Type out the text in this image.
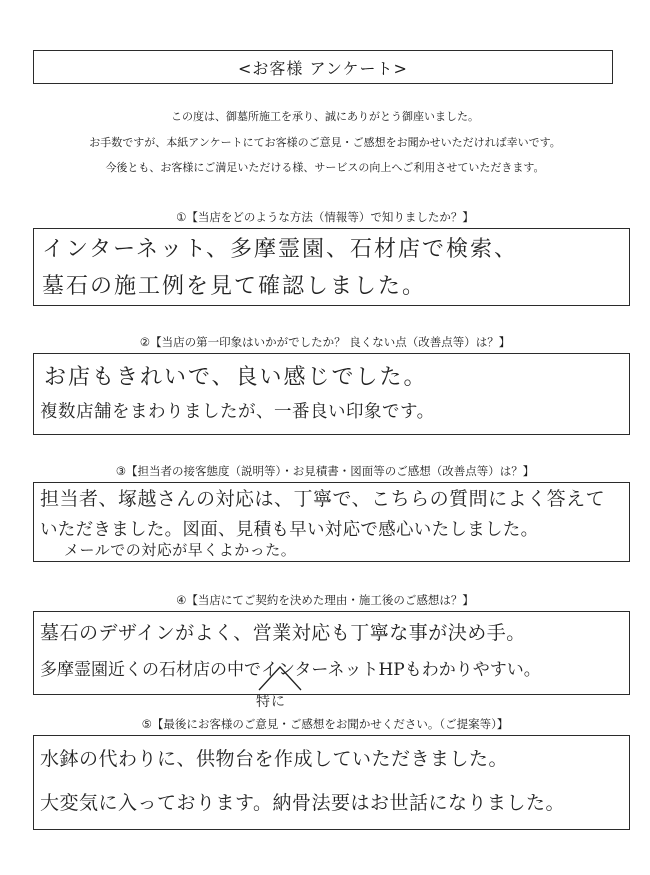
<お客様 アンケート>
この度は、御墓所施工を承り、誠にありがとう御座いました。
お手数ですが、本紙アンケートにてお客様のご意見・ご感想をお聞かせいただければ幸いです。
今後とも、お客様にご満足いただける様、サービスの向上へご利用させていただきます。
①【当店をどのような方法（情報等）で知りましたか？】
インターネット、多摩霊園、石材店で検索、
墓石の施工例を見て確認しました。
②【当店の第一印象はいかがでしたか？ 良くない点（改善点等）は？】
お店もきれいで、良い感じでした。
複数店舗をまわりましたが、一番良い印象です。
③【担当者の接客態度（説明等）・お見積書・図面等のご感想（改善点等）は？】
担当者、塚越さんの対応は、丁寧で、こちらの質問によく答えて
いただきました。図面、見積も早い対応で感心いたしました。
メールでの対応が早くよかった。
④【当店にてご契約を決めた理由・施工後のご感想は？】
墓石のデザインがよく、営業対応も丁寧な事が決め手。
多摩霊園近くの石材店の中でインターネットHPもわかりやすい。
特に
⑤【最後にお客様のご意見・ご感想をお聞かせください。（ご提案等）】
水鉢の代わりに、供物台を作成していただきました。
大変気に入っております。納骨法要はお世話になりました。
